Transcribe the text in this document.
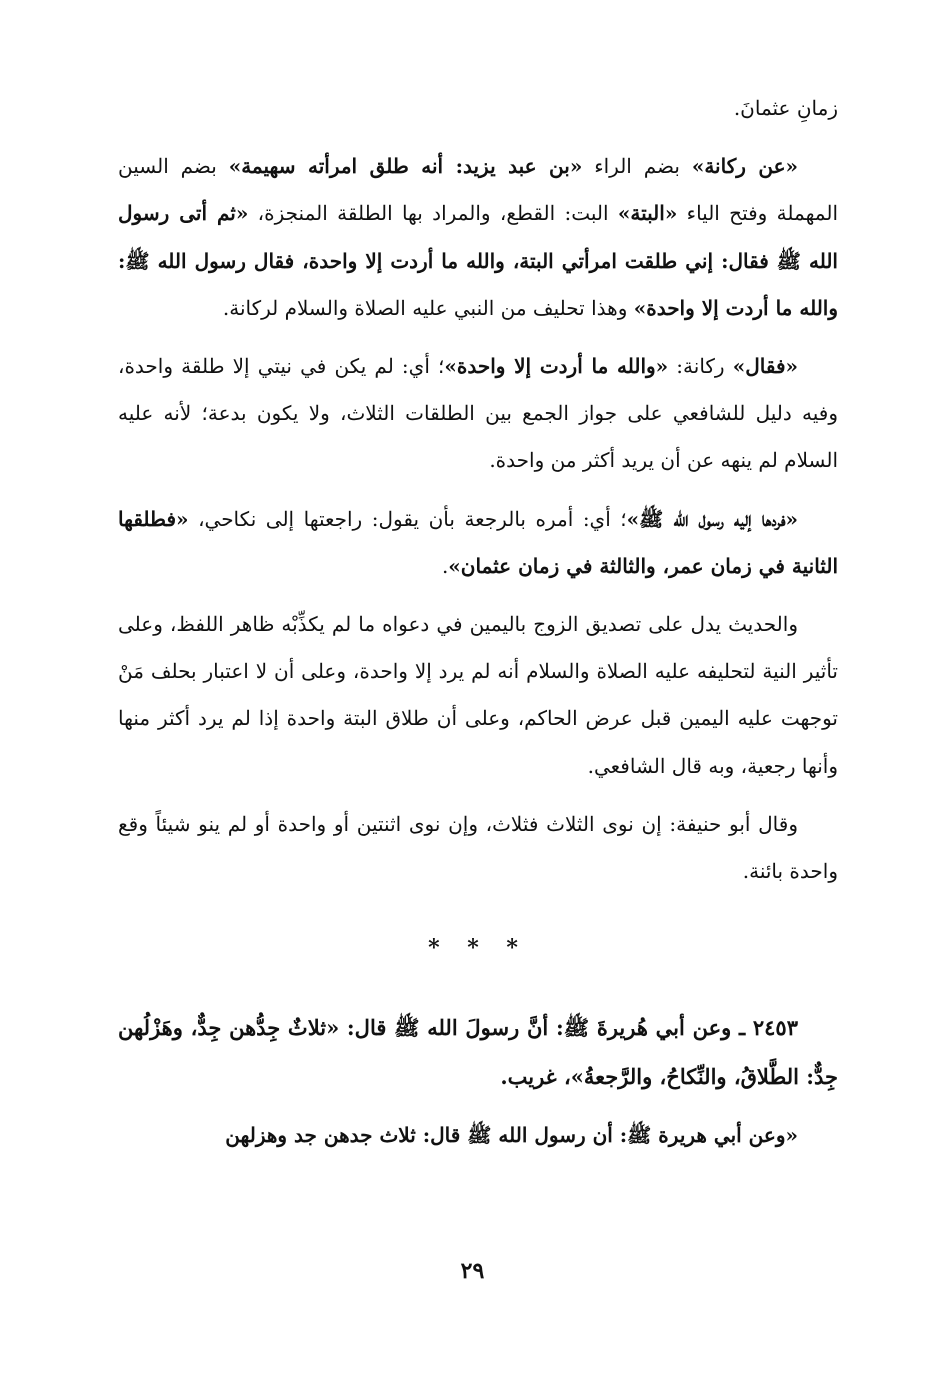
زمانِ عثمانَ.

«عن ركانة» بضم الراء «بن عبد يزيد: أنه طلق امرأته سهيمة» بضم السين المهملة وفتح الياء «البتة» البت: القطع، والمراد بها الطلقة المنجزة، «ثم أتى رسول الله ﷺ فقال: إني طلقت امرأتي البتة، والله ما أردت إلا واحدة، فقال رسول الله ﷺ: والله ما أردت إلا واحدة» وهذا تحليف من النبي عليه الصلاة والسلام لركانة.

«فقال» ركانة: «والله ما أردت إلا واحدة»؛ أي: لم يكن في نيتي إلا طلقة واحدة، وفيه دليل للشافعي على جواز الجمع بين الطلقات الثلاث، ولا يكون بدعة؛ لأنه عليه السلام لم ينهه عن أن يريد أكثر من واحدة.

«فردها إليه رسول الله ﷺ»؛ أي: أمره بالرجعة بأن يقول: راجعتها إلى نكاحي، «فطلقها الثانية في زمان عمر، والثالثة في زمان عثمان».

والحديث يدل على تصديق الزوج باليمين في دعواه ما لم يكذِّبْه ظاهر اللفظ، وعلى تأثير النية لتحليفه عليه الصلاة والسلام أنه لم يرد إلا واحدة، وعلى أن لا اعتبار بحلف مَنْ توجهت عليه اليمين قبل عرض الحاكم، وعلى أن طلاق البتة واحدة إذا لم يرد أكثر منها وأنها رجعية، وبه قال الشافعي.

وقال أبو حنيفة: إن نوى الثلاث فثلاث، وإن نوى اثنتين أو واحدة أو لم ينو شيئاً وقع واحدة بائنة.

* * *

٢٤٥٣ ـ وعن أبي هُريرةَ ﷺ: أنَّ رسولَ الله ﷺ قال: «ثلاثٌ جِدُّهن جِدٌّ، وهَزْلُهن جِدٌّ: الطَّلاقُ، والنِّكاحُ، والرَّجعةُ»، غريب.

«وعن أبي هريرة ﷺ: أن رسول الله ﷺ قال: ثلاث جدهن جد وهزلهن

٢٩
